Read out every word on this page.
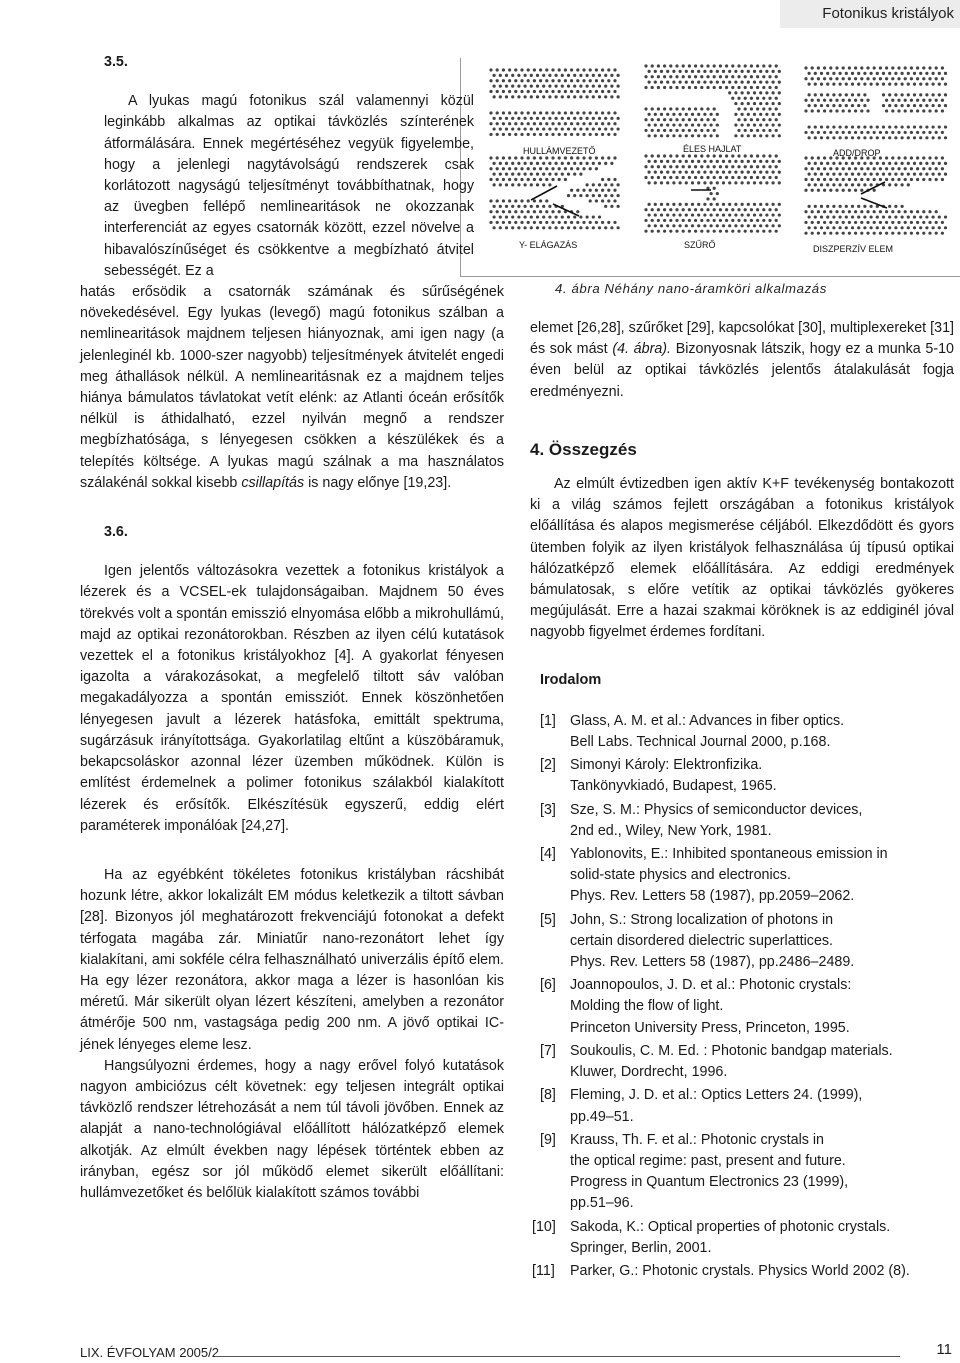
Fotonikus kristályok
HULLÁMVEZETŐ	ÉLES HAJLAT	ADD/DROP
Y- ELÁGAZÁS	SZŰRŐ	DISZPERZÍV ELEM
4. ábra Néhány nano-áramköri alkalmazás
3.5.

A lyukas magú fotonikus szál valamennyi közül leginkább alkalmas az optikai távközlés színterének átformálására. Ennek megértéséhez vegyük figyelembe, hogy a jelenlegi nagytávolságú rendszerek csak korlátozott nagyságú teljesítményt továbbíthatnak, hogy az üvegben fellépő nemlinearitások ne okozzanak interferenciát az egyes csatornák között, ezzel növelve a hibavalószínűséget és csökkentve a megbízható átvitel sebességét. Ez a

hatás erősödik a csatornák számának és sűrűségének növekedésével. Egy lyukas (levegő) magú fotonikus szálban a nemlinearitások majdnem teljesen hiányoznak, ami igen nagy (a jelenleginél kb. 1000-szer nagyobb) teljesítmények átvitelét engedi meg áthallások nélkül. A nemlinearitásnak ez a majdnem teljes hiánya bámulatos távlatokat vetít elénk: az Atlanti óceán erősítők nélkül is áthidalható, ezzel nyilván megnő a rendszer megbízhatósága, s lényegesen csökken a készülékek és a telepítés költsége. A lyukas magú szálnak a ma használatos szálakénál sokkal kisebb csillapítás is nagy előnye [19,23].

3.6.

Igen jelentős változásokra vezettek a fotonikus kristályok a lézerek és a VCSEL-ek tulajdonságaiban. Majdnem 50 éves törekvés volt a spontán emisszió elnyomása előbb a mikrohullámú, majd az optikai rezonátorokban. Részben az ilyen célú kutatások vezettek el a fotonikus kristályokhoz [4]. A gyakorlat fényesen igazolta a várakozásokat, a megfelelő tiltott sáv valóban megakadályozza a spontán emissziót. Ennek köszönhetően lényegesen javult a lézerek hatásfoka, emittált spektruma, sugárzásuk irányítottsága. Gyakorlatilag eltűnt a küszöbáramuk, bekapcsoláskor azonnal lézer üzemben működnek. Külön is említést érdemelnek a polimer fotonikus szálakból kialakított lézerek és erősítők. Elkészítésük egyszerű, eddig elért paraméterek imponálóak [24,27].

Ha az egyébként tökéletes fotonikus kristályban rácshibát hozunk létre, akkor lokalizált EM módus keletkezik a tiltott sávban [28]. Bizonyos jól meghatározott frekvenciájú fotonokat a defekt térfogata magába zár. Miniatűr nano-rezonátort lehet így kialakítani, ami sokféle célra felhasználható univerzális építő elem. Ha egy lézer rezonátora, akkor maga a lézer is hasonlóan kis méretű. Már sikerült olyan lézert készíteni, amelyben a rezonátor átmérője 500 nm, vastagsága pedig 200 nm. A jövő optikai IC-jének lényeges eleme lesz.

Hangsúlyozni érdemes, hogy a nagy erővel folyó kutatások nagyon ambiciózus célt követnek: egy teljesen integrált optikai távközlő rendszer létrehozását a nem túl távoli jövőben. Ennek az alapját a nano-technológiával előállított hálózatképző elemek alkotják. Az elmúlt években nagy lépések történtek ebben az irányban, egész sor jól működő elemet sikerült előállítani: hullámvezetőket és belőlük kialakított számos további

elemet [26,28], szűrőket [29], kapcsolókat [30], multiplexereket [31] és sok mást (4. ábra). Bizonyosnak látszik, hogy ez a munka 5-10 éven belül az optikai távközlés jelentős átalakulását fogja eredményezni.

4. Összegzés

Az elmúlt évtizedben igen aktív K+F tevékenység bontakozott ki a világ számos fejlett országában a fotonikus kristályok előállítása és alapos megismerése céljából. Elkezdődött és gyors ütemben folyik az ilyen kristályok felhasználása új típusú optikai hálózatképző elemek előállítására. Az eddigi eredmények bámulatosak, s előre vetítik az optikai távközlés gyökeres megújulását. Erre a hazai szakmai köröknek is az eddiginél jóval nagyobb figyelmet érdemes fordítani.

Irodalom
[1] Glass, A. M. et al.: Advances in fiber optics.
Bell Labs. Technical Journal 2000, p.168.
[2] Simonyi Károly: Elektronfizika.
Tankönyvkiadó, Budapest, 1965.
[3] Sze, S. M.: Physics of semiconductor devices,
2nd ed., Wiley, New York, 1981.
[4] Yablonovits, E.: Inhibited spontaneous emission in
solid-state physics and electronics.
Phys. Rev. Letters 58 (1987), pp.2059–2062.
[5] John, S.: Strong localization of photons in
certain disordered dielectric superlattices.
Phys. Rev. Letters 58 (1987), pp.2486–2489.
[6] Joannopoulos, J. D. et al.: Photonic crystals:
Molding the flow of light.
Princeton University Press, Princeton, 1995.
[7] Soukoulis, C. M. Ed. : Photonic bandgap materials.
Kluwer, Dordrecht, 1996.
[8] Fleming, J. D. et al.: Optics Letters 24. (1999),
pp.49–51.
[9] Krauss, Th. F. et al.: Photonic crystals in
the optical regime: past, present and future.
Progress in Quantum Electronics 23 (1999),
pp.51–96.
[10] Sakoda, K.: Optical properties of photonic crystals.
Springer, Berlin, 2001.
[11] Parker, G.: Photonic crystals. Physics World 2002 (8).
LIX. ÉVFOLYAM 2005/2	11
